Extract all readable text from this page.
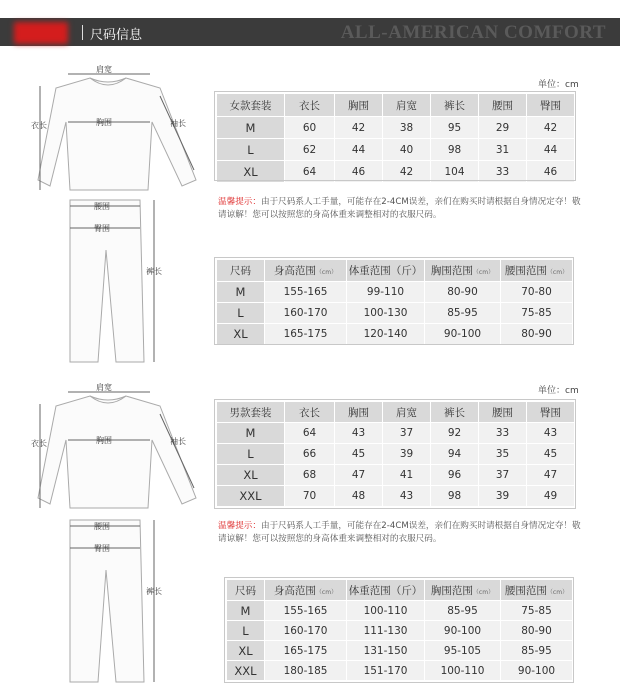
尺码信息	ALL-AMERICAN COMFORT
肩宽
胸围
衣长	袖长
腰围
臀围
裤长
单位：cm
女款套装	衣长	胸围	肩宽	裤长	腰围	臀围
M	60	42	38	95	29	42
L	62	44	40	98	31	44
XL	64	46	42	104	33	46
温馨提示：由于尺码系人工手量，可能存在2-4CM误差，亲们在购买时请根据自身情况定夺！敬请谅解！您可以按照您的身高体重来调整相对的衣服尺码。
尺码	身高范围（cm）	体重范围（斤）	胸围范围（cm）	腰围范围（cm）
M	155-165	99-110	80-90	70-80
L	160-170	100-130	85-95	75-85
XL	165-175	120-140	90-100	80-90
肩宽
胸围
衣长	袖长
腰围
臀围
裤长
单位：cm
男款套装	衣长	胸围	肩宽	裤长	腰围	臀围
M	64	43	37	92	33	43
L	66	45	39	94	35	45
XL	68	47	41	96	37	47
XXL	70	48	43	98	39	49
温馨提示：由于尺码系人工手量，可能存在2-4CM误差，亲们在购买时请根据自身情况定夺！敬请谅解！您可以按照您的身高体重来调整相对的衣服尺码。
尺码	身高范围（cm）	体重范围（斤）	胸围范围（cm）	腰围范围（cm）
M	155-165	100-110	85-95	75-85
L	160-170	111-130	90-100	80-90
XL	165-175	131-150	95-105	85-95
XXL	180-185	151-170	100-110	90-100
